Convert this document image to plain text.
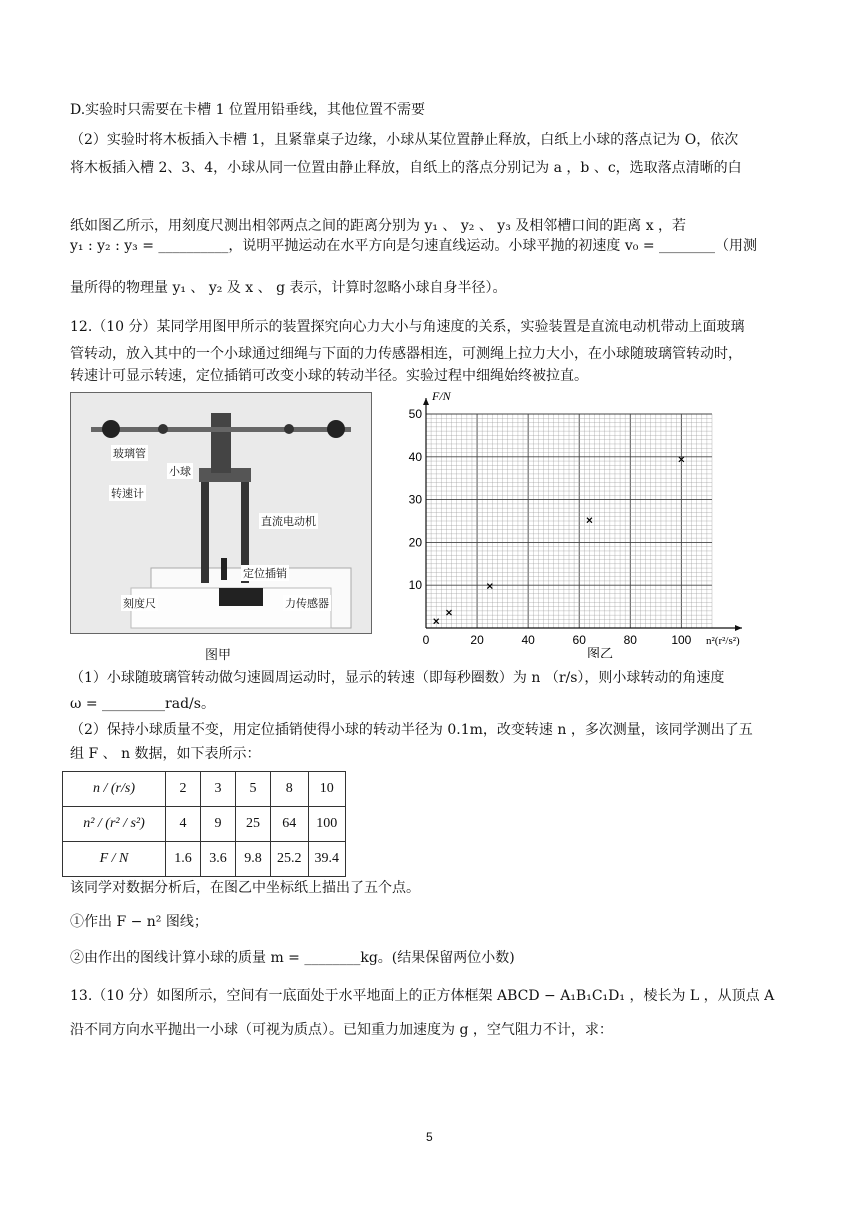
D.实验时只需要在卡槽 1 位置用铅垂线，其他位置不需要
（2）实验时将木板插入卡槽 1，且紧靠桌子边缘，小球从某位置静止释放，白纸上小球的落点记为 O，依次
将木板插入槽 2、3、4，小球从同一位置由静止释放，自纸上的落点分别记为 a ，b 、c，选取落点清晰的白
纸如图乙所示，用刻度尺测出相邻两点之间的距离分别为 y₁ 、 y₂ 、 y₃ 及相邻槽口间的距离 x ，若
y₁ : y₂ : y₃ = __________，说明平抛运动在水平方向是匀速直线运动。小球平抛的初速度 v₀ = ________（用测
量所得的物理量 y₁ 、 y₂ 及 x 、 g 表示，计算时忽略小球自身半径）。
12.（10 分）某同学用图甲所示的装置探究向心力大小与角速度的关系，实验装置是直流电动机带动上面玻璃
管转动，放入其中的一个小球通过细绳与下面的力传感器相连，可测绳上拉力大小，在小球随玻璃管转动时，
转速计可显示转速，定位插销可改变小球的转动半径。实验过程中细绳始终被拉直。
玻璃管
小球
转速计
直流电动机
定位插销
刻度尺	力传感器
图甲
0	20	40	60	80	100
10
20
30
40
50
F/N
n²(r²/s²)
图乙
（1）小球随玻璃管转动做匀速圆周运动时，显示的转速（即每秒圈数）为 n （r/s），则小球转动的角速度
ω = _________rad/s。
（2）保持小球质量不变，用定位插销使得小球的转动半径为 0.1m，改变转速 n ，多次测量，该同学测出了五
组 F 、 n 数据，如下表所示：
n / (r/s)	2	3	5	8	10
n² / (r² / s²)	4	9	25	64	100
F / N	1.6	3.6	9.8	25.2	39.4
该同学对数据分析后，在图乙中坐标纸上描出了五个点。
①作出 F − n² 图线；
②由作出的图线计算小球的质量 m = ________kg。(结果保留两位小数)
13.（10 分）如图所示，空间有一底面处于水平地面上的正方体框架 ABCD − A₁B₁C₁D₁ ，棱长为 L ，从顶点 A
沿不同方向水平抛出一小球（可视为质点）。已知重力加速度为 g ，空气阻力不计，求：
5
